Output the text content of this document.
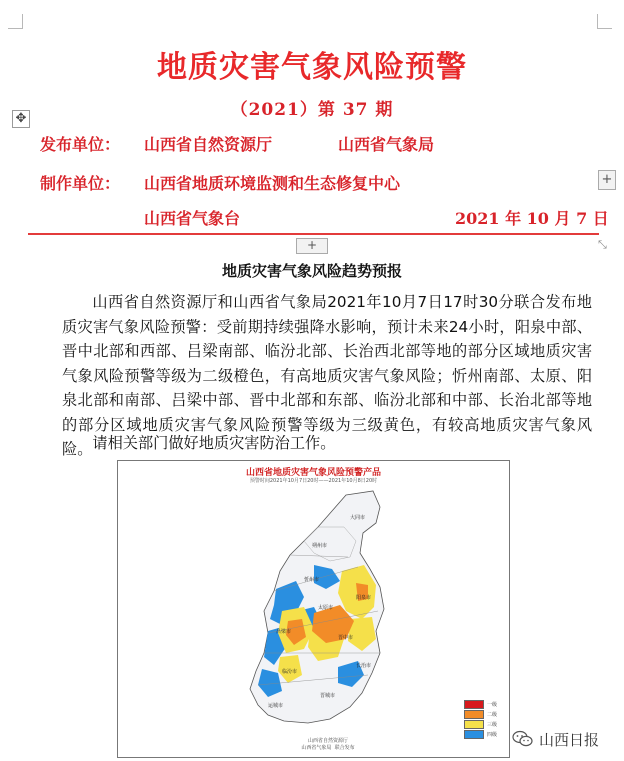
地质灾害气象风险预警
（2021）第 37 期
✥
发布单位： 山西省自然资源厅	山西省气象局
制作单位： 山西省地质环境监测和生态修复中心	+
山西省气象台	2021 年 10 月 7 日
+	⤡
地质灾害气象风险趋势预报
山西省自然资源厅和山西省气象局2021年10月7日17时30分联合发布地质灾害气象风险预警：受前期持续强降水影响，预计未来24小时，阳泉中部、晋中北部和西部、吕梁南部、临汾北部、长治西北部等地的部分区域地质灾害气象风险预警等级为二级橙色，有高地质灾害气象风险；忻州南部、太原、阳泉北部和南部、吕梁中部、晋中北部和东部、临汾北部和中部、长治北部等地的部分区域地质灾害气象风险预警等级为三级黄色，有较高地质灾害气象风险。 请相关部门做好地质灾害防治工作。
山西省地质灾害气象风险预警产品
预警时间2021年10月7日20时——2021年10月8日20时
大同市
朔州市
忻州市
阳泉市
太原市
吕梁市
晋中市
长治市
临汾市
晋城市
运城市	一级
二级
三级
四级
山西省自然资源厅
山西省气象局 联合发布	山西日报
